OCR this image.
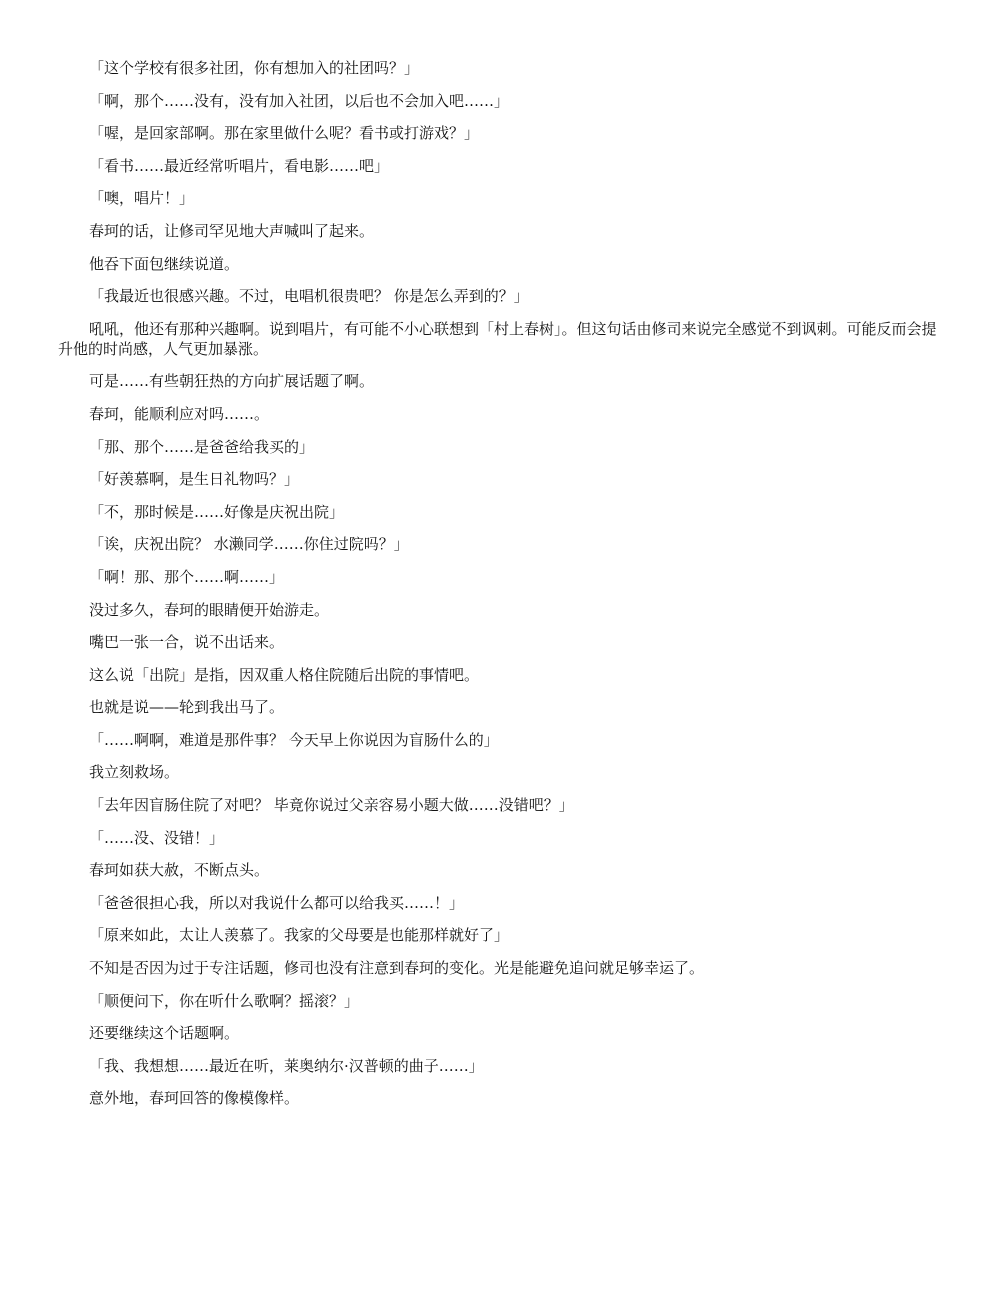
「这个学校有很多社团，你有想加入的社团吗？」

「啊，那个……没有，没有加入社团，以后也不会加入吧……」

「喔，是回家部啊。那在家里做什么呢？看书或打游戏？」

「看书……最近经常听唱片，看电影……吧」

「噢，唱片！」

春珂的话，让修司罕见地大声喊叫了起来。

他吞下面包继续说道。

「我最近也很感兴趣。不过，电唱机很贵吧？ 你是怎么弄到的？」

吼吼，他还有那种兴趣啊。说到唱片，有可能不小心联想到「村上春树」。但这句话由修司来说完全感觉不到讽刺。可能反而会提升他的时尚感，人气更加暴涨。

可是……有些朝狂热的方向扩展话题了啊。

春珂，能顺利应对吗……。

「那、那个……是爸爸给我买的」

「好羡慕啊，是生日礼物吗？」

「不，那时候是……好像是庆祝出院」

「诶，庆祝出院？ 水濑同学……你住过院吗？」

「啊！那、那个……啊……」

没过多久，春珂的眼睛便开始游走。

嘴巴一张一合，说不出话来。

这么说「出院」是指，因双重人格住院随后出院的事情吧。

也就是说——轮到我出马了。

「……啊啊，难道是那件事？ 今天早上你说因为盲肠什么的」

我立刻救场。

「去年因盲肠住院了对吧？ 毕竟你说过父亲容易小题大做……没错吧？」

「……没、没错！」

春珂如获大赦，不断点头。

「爸爸很担心我，所以对我说什么都可以给我买……！」

「原来如此，太让人羡慕了。我家的父母要是也能那样就好了」

不知是否因为过于专注话题，修司也没有注意到春珂的变化。光是能避免追问就足够幸运了。

「顺便问下，你在听什么歌啊？摇滚？」

还要继续这个话题啊。

「我、我想想……最近在听，莱奥纳尔·汉普顿的曲子……」

意外地，春珂回答的像模像样。
